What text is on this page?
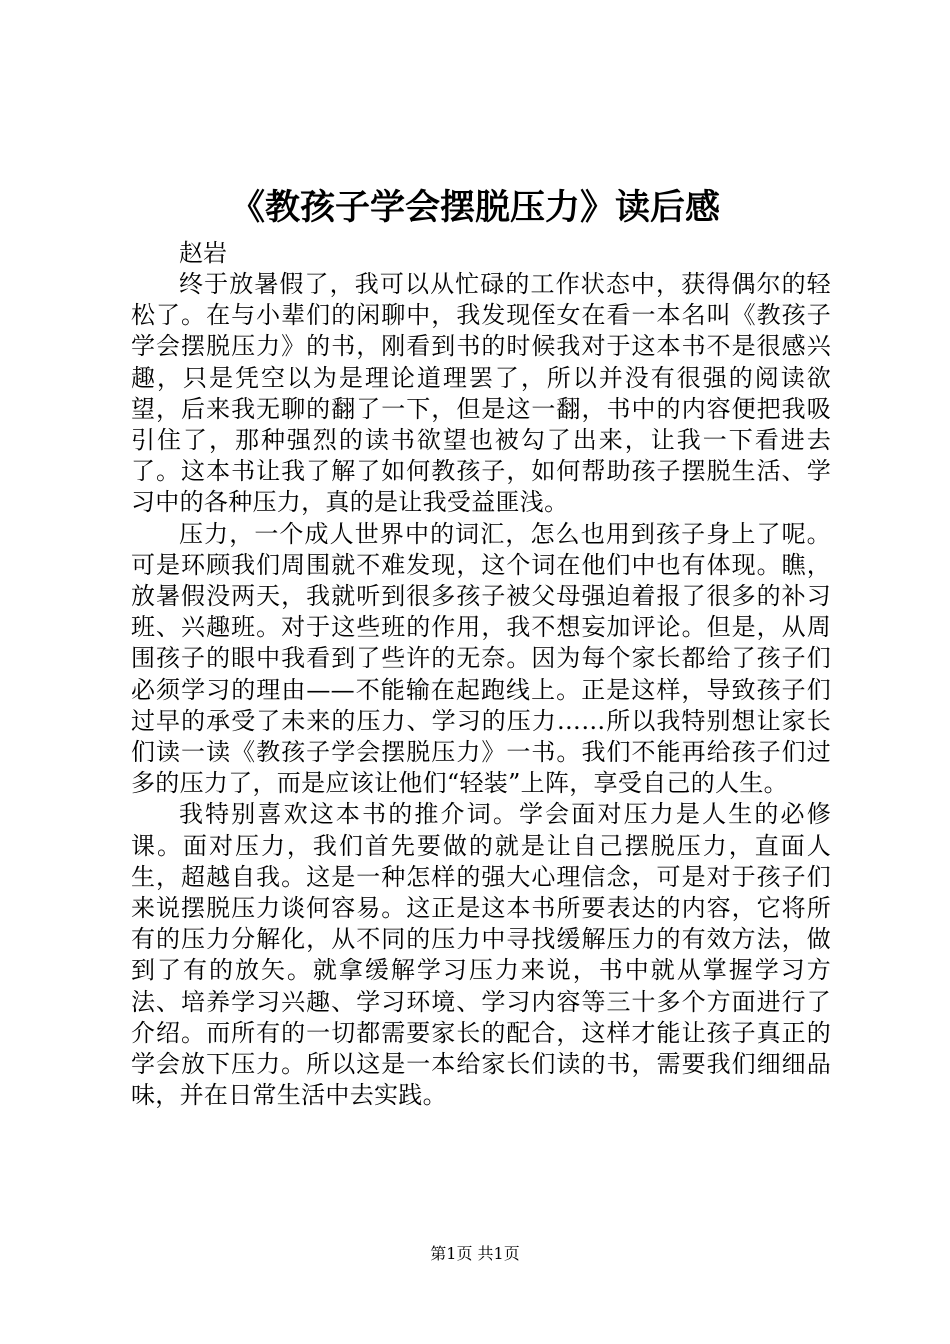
《教孩子学会摆脱压力》读后感

赵岩

终于放暑假了，我可以从忙碌的工作状态中，获得偶尔的轻松了。在与小辈们的闲聊中，我发现侄女在看一本名叫《教孩子学会摆脱压力》的书，刚看到书的时候我对于这本书不是很感兴趣，只是凭空以为是理论道理罢了，所以并没有很强的阅读欲望，后来我无聊的翻了一下，但是这一翻，书中的内容便把我吸引住了，那种强烈的读书欲望也被勾了出来，让我一下看进去了。这本书让我了解了如何教孩子，如何帮助孩子摆脱生活、学习中的各种压力，真的是让我受益匪浅。

压力，一个成人世界中的词汇，怎么也用到孩子身上了呢。可是环顾我们周围就不难发现，这个词在他们中也有体现。瞧，放暑假没两天，我就听到很多孩子被父母强迫着报了很多的补习班、兴趣班。对于这些班的作用，我不想妄加评论。但是，从周围孩子的眼中我看到了些许的无奈。因为每个家长都给了孩子们必须学习的理由——不能输在起跑线上。正是这样，导致孩子们过早的承受了未来的压力、学习的压力……所以我特别想让家长们读一读《教孩子学会摆脱压力》一书。我们不能再给孩子们过多的压力了，而是应该让他们“轻装”上阵，享受自己的人生。

我特别喜欢这本书的推介词。学会面对压力是人生的必修课。面对压力，我们首先要做的就是让自己摆脱压力，直面人生，超越自我。这是一种怎样的强大心理信念，可是对于孩子们来说摆脱压力谈何容易。这正是这本书所要表达的内容，它将所有的压力分解化，从不同的压力中寻找缓解压力的有效方法，做到了有的放矢。就拿缓解学习压力来说，书中就从掌握学习方法、培养学习兴趣、学习环境、学习内容等三十多个方面进行了介绍。而所有的一切都需要家长的配合，这样才能让孩子真正的学会放下压力。所以这是一本给家长们读的书，需要我们细细品味，并在日常生活中去实践。

第1页 共1页
